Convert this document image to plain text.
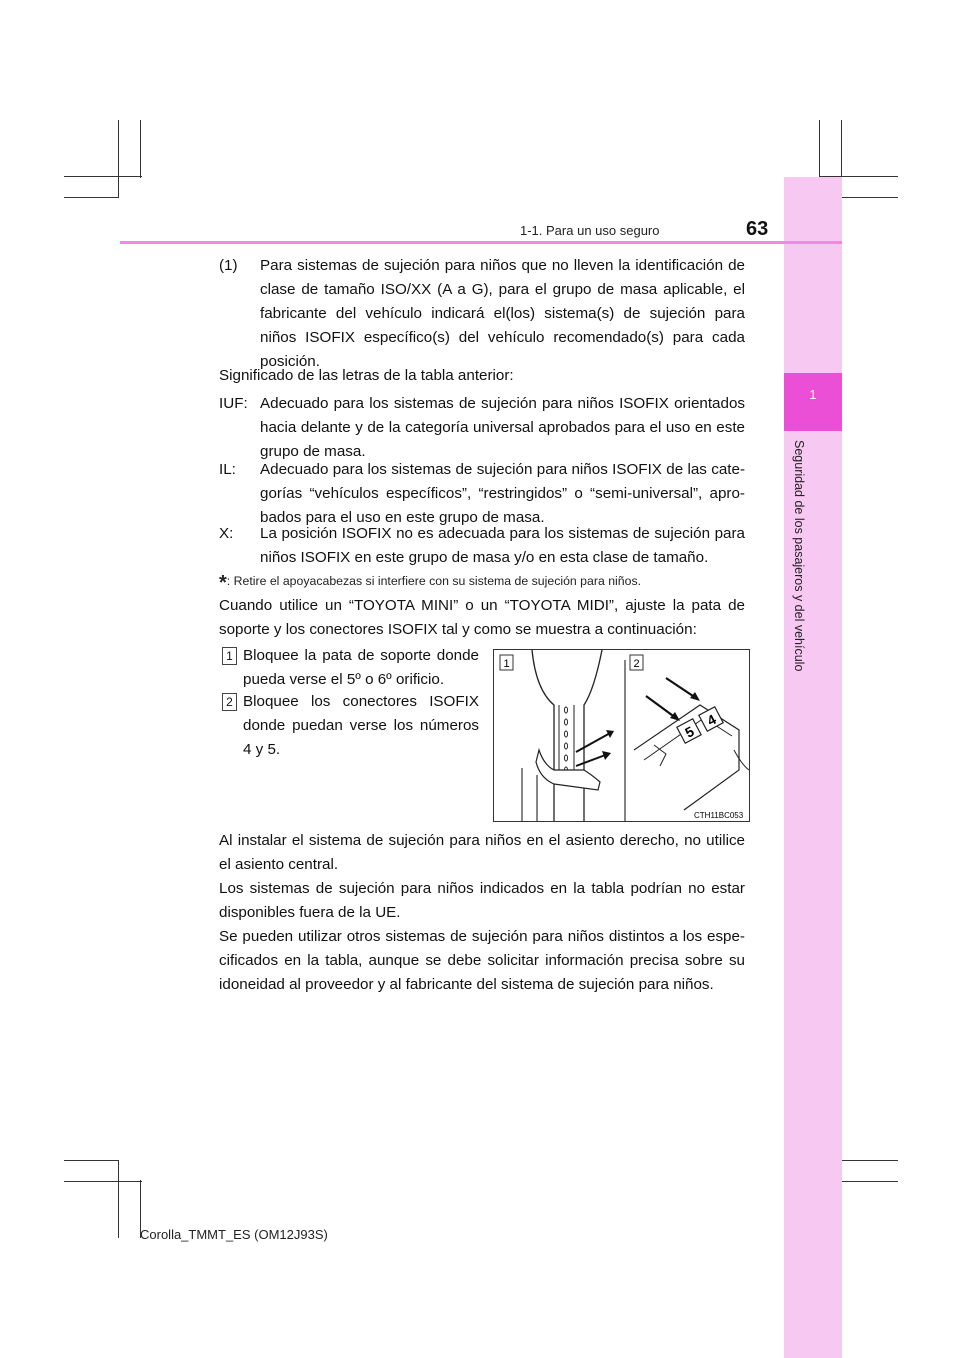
1
Seguridad de los pasajeros y del vehículo
1-1. Para un uso seguro	63
(1) Para sistemas de sujeción para niños que no lleven la identificación de clase de tamaño ISO/XX (A a G), para el grupo de masa aplicable, el fabricante del vehículo indicará el(los) sistema(s) de sujeción para niños ISOFIX específico(s) del vehículo recomendado(s) para cada posición.
Significado de las letras de la tabla anterior:
IUF: Adecuado para los sistemas de sujeción para niños ISOFIX orientados hacia delante y de la categoría universal aprobados para el uso en este grupo de masa.
IL: Adecuado para los sistemas de sujeción para niños ISOFIX de las cate-gorías “vehículos específicos”, “restringidos” o “semi-universal”, apro-bados para el uso en este grupo de masa.
X: La posición ISOFIX no es adecuada para los sistemas de sujeción para niños ISOFIX en este grupo de masa y/o en esta clase de tamaño.
*: Retire el apoyacabezas si interfiere con su sistema de sujeción para niños.
Cuando utilice un “TOYOTA MINI” o un “TOYOTA MIDI”, ajuste la pata de soporte y los conectores ISOFIX tal y como se muestra a continuación:
1 Bloquee la pata de soporte donde pueda verse el 5º o 6º orificio.
2 Bloquee los conectores ISOFIX donde puedan verse los números 4 y 5.
1	2
5
4
CTH11BC053
Al instalar el sistema de sujeción para niños en el asiento derecho, no utilice el asiento central.
Los sistemas de sujeción para niños indicados en la tabla podrían no estar disponibles fuera de la UE.
Se pueden utilizar otros sistemas de sujeción para niños distintos a los espe-cificados en la tabla, aunque se debe solicitar información precisa sobre su idoneidad al proveedor y al fabricante del sistema de sujeción para niños.
Corolla_TMMT_ES (OM12J93S)
